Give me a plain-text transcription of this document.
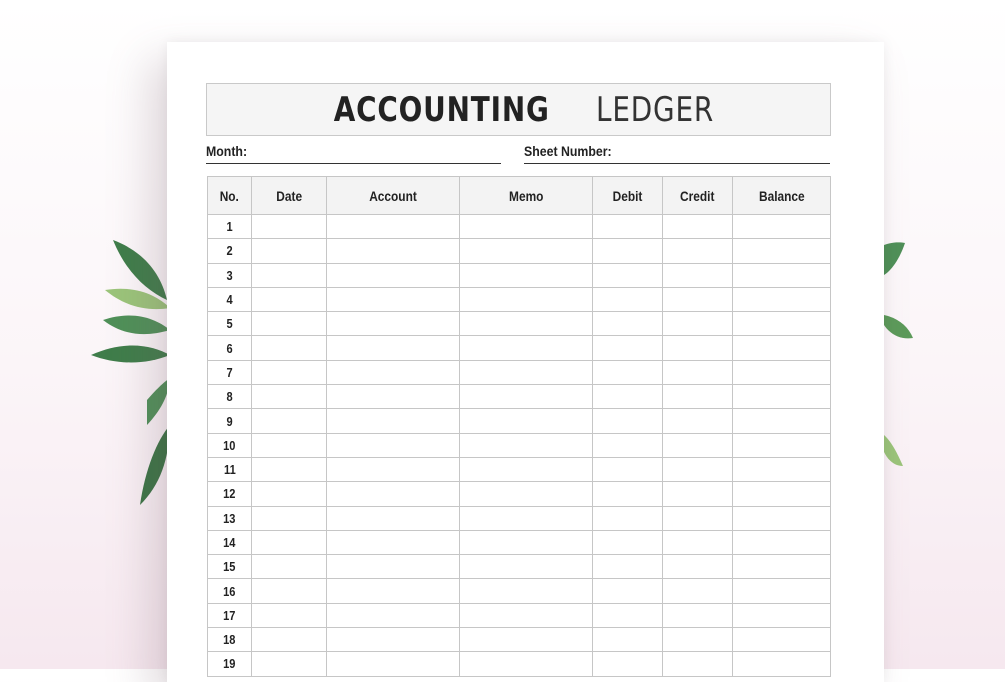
ACCOUNTING LEDGER
Month:	Sheet Number:
No.	Date	Account	Memo	Debit	Credit	Balance
1						
2						
3						
4						
5						
6						
7						
8						
9						
10						
11						
12						
13						
14						
15						
16						
17						
18						
19						
